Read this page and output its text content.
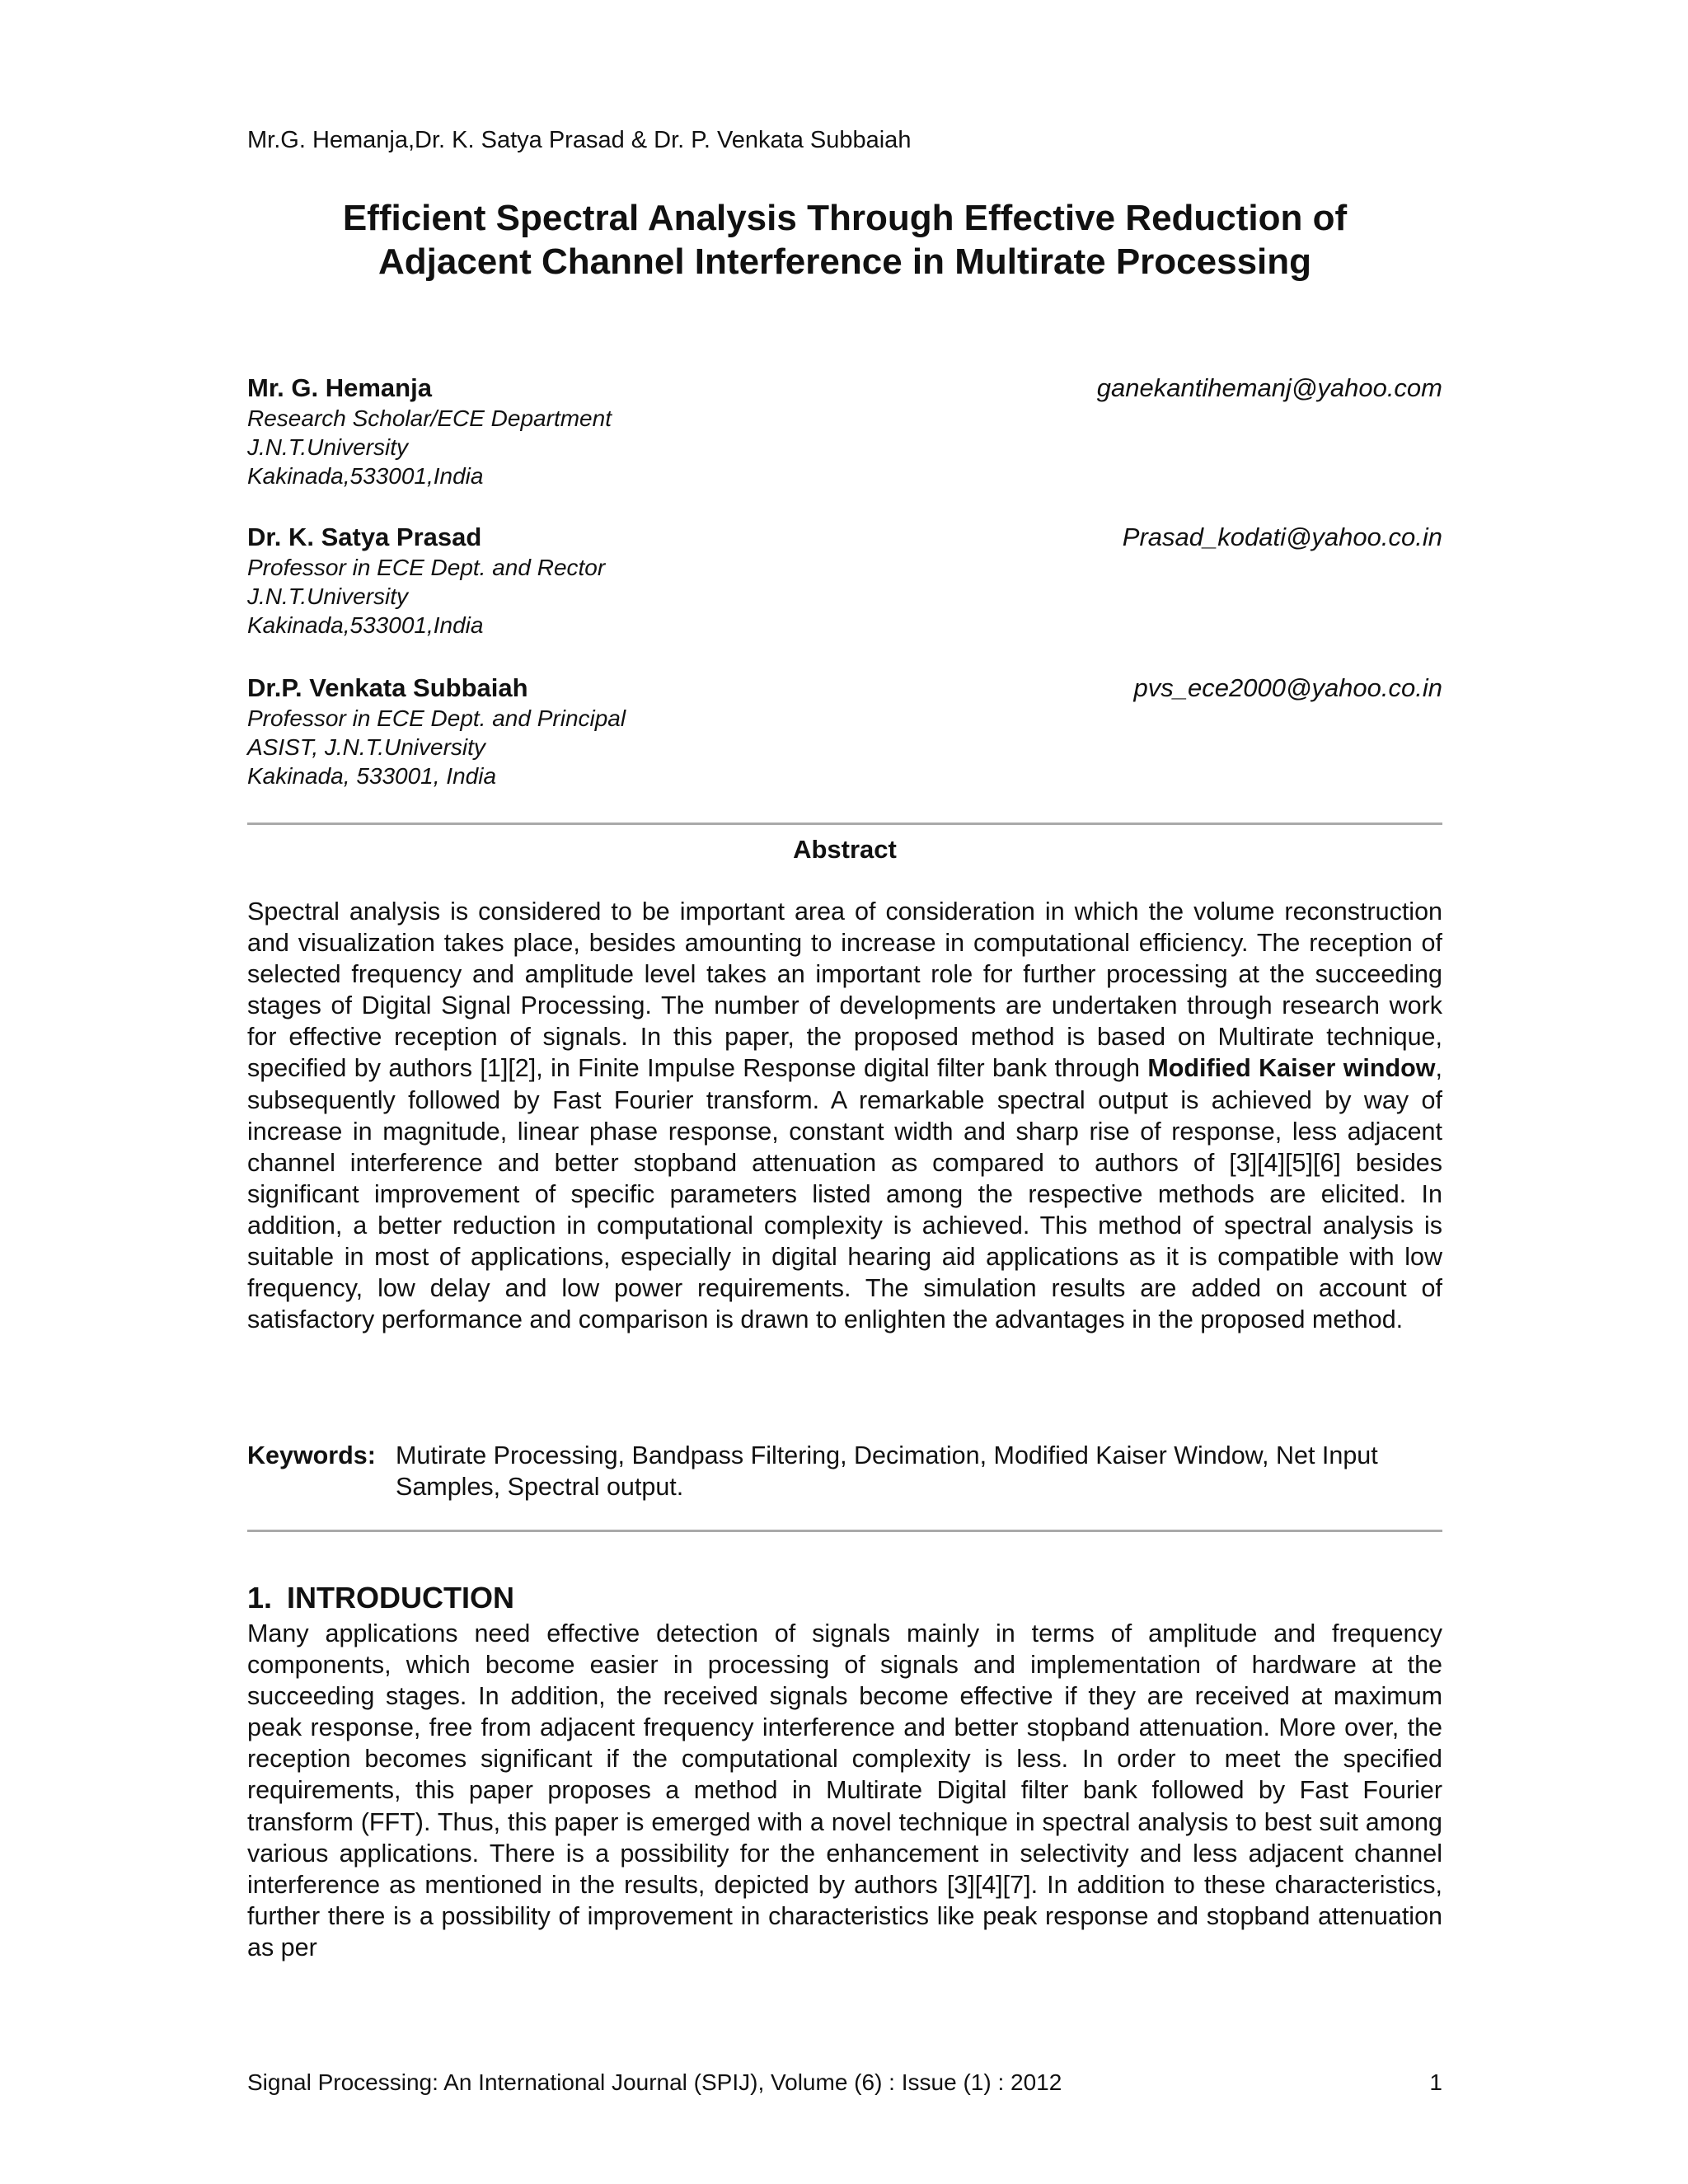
Mr.G. Hemanja,Dr. K. Satya Prasad & Dr. P. Venkata Subbaiah
Efficient Spectral Analysis Through Effective Reduction of
Adjacent Channel Interference in Multirate Processing
Mr. G. Hemanja
Research Scholar/ECE Department
J.N.T.University
Kakinada,533001,India
ganekantihemanj@yahoo.com
Dr. K. Satya Prasad
Professor in ECE Dept. and Rector
J.N.T.University
Kakinada,533001,India
Prasad_kodati@yahoo.co.in
Dr.P. Venkata Subbaiah
Professor in ECE Dept. and Principal
ASIST, J.N.T.University
Kakinada, 533001, India
pvs_ece2000@yahoo.co.in
Abstract

Spectral analysis is considered to be important area of consideration in which the volume reconstruction and visualization takes place, besides amounting to increase in computational efficiency. The reception of selected frequency and amplitude level takes an important role for further processing at the succeeding stages of Digital Signal Processing. The number of developments are undertaken through research work for effective reception of signals. In this paper, the proposed method is based on Multirate technique, specified by authors [1][2], in Finite Impulse Response digital filter bank through Modified Kaiser window, subsequently followed by Fast Fourier transform. A remarkable spectral output is achieved by way of increase in magnitude, linear phase response, constant width and sharp rise of response, less adjacent channel interference and better stopband attenuation as compared to authors of [3][4][5][6] besides significant improvement of specific parameters listed among the respective methods are elicited. In addition, a better reduction in computational complexity is achieved. This method of spectral analysis is suitable in most of applications, especially in digital hearing aid applications as it is compatible with low frequency, low delay and low power requirements. The simulation results are added on account of satisfactory performance and comparison is drawn to enlighten the advantages in the proposed method.

Keywords: Mutirate Processing, Bandpass Filtering, Decimation, Modified Kaiser Window, Net Input Samples, Spectral output.
1. INTRODUCTION

Many applications need effective detection of signals mainly in terms of amplitude and frequency components, which become easier in processing of signals and implementation of hardware at the succeeding stages. In addition, the received signals become effective if they are received at maximum peak response, free from adjacent frequency interference and better stopband attenuation. More over, the reception becomes significant if the computational complexity is less. In order to meet the specified requirements, this paper proposes a method in Multirate Digital filter bank followed by Fast Fourier transform (FFT). Thus, this paper is emerged with a novel technique in spectral analysis to best suit among various applications. There is a possibility for the enhancement in selectivity and less adjacent channel interference as mentioned in the results, depicted by authors [3][4][7]. In addition to these characteristics, further there is a possibility of improvement in characteristics like peak response and stopband attenuation as per

Signal Processing: An International Journal (SPIJ), Volume (6) : Issue (1) : 2012	1
